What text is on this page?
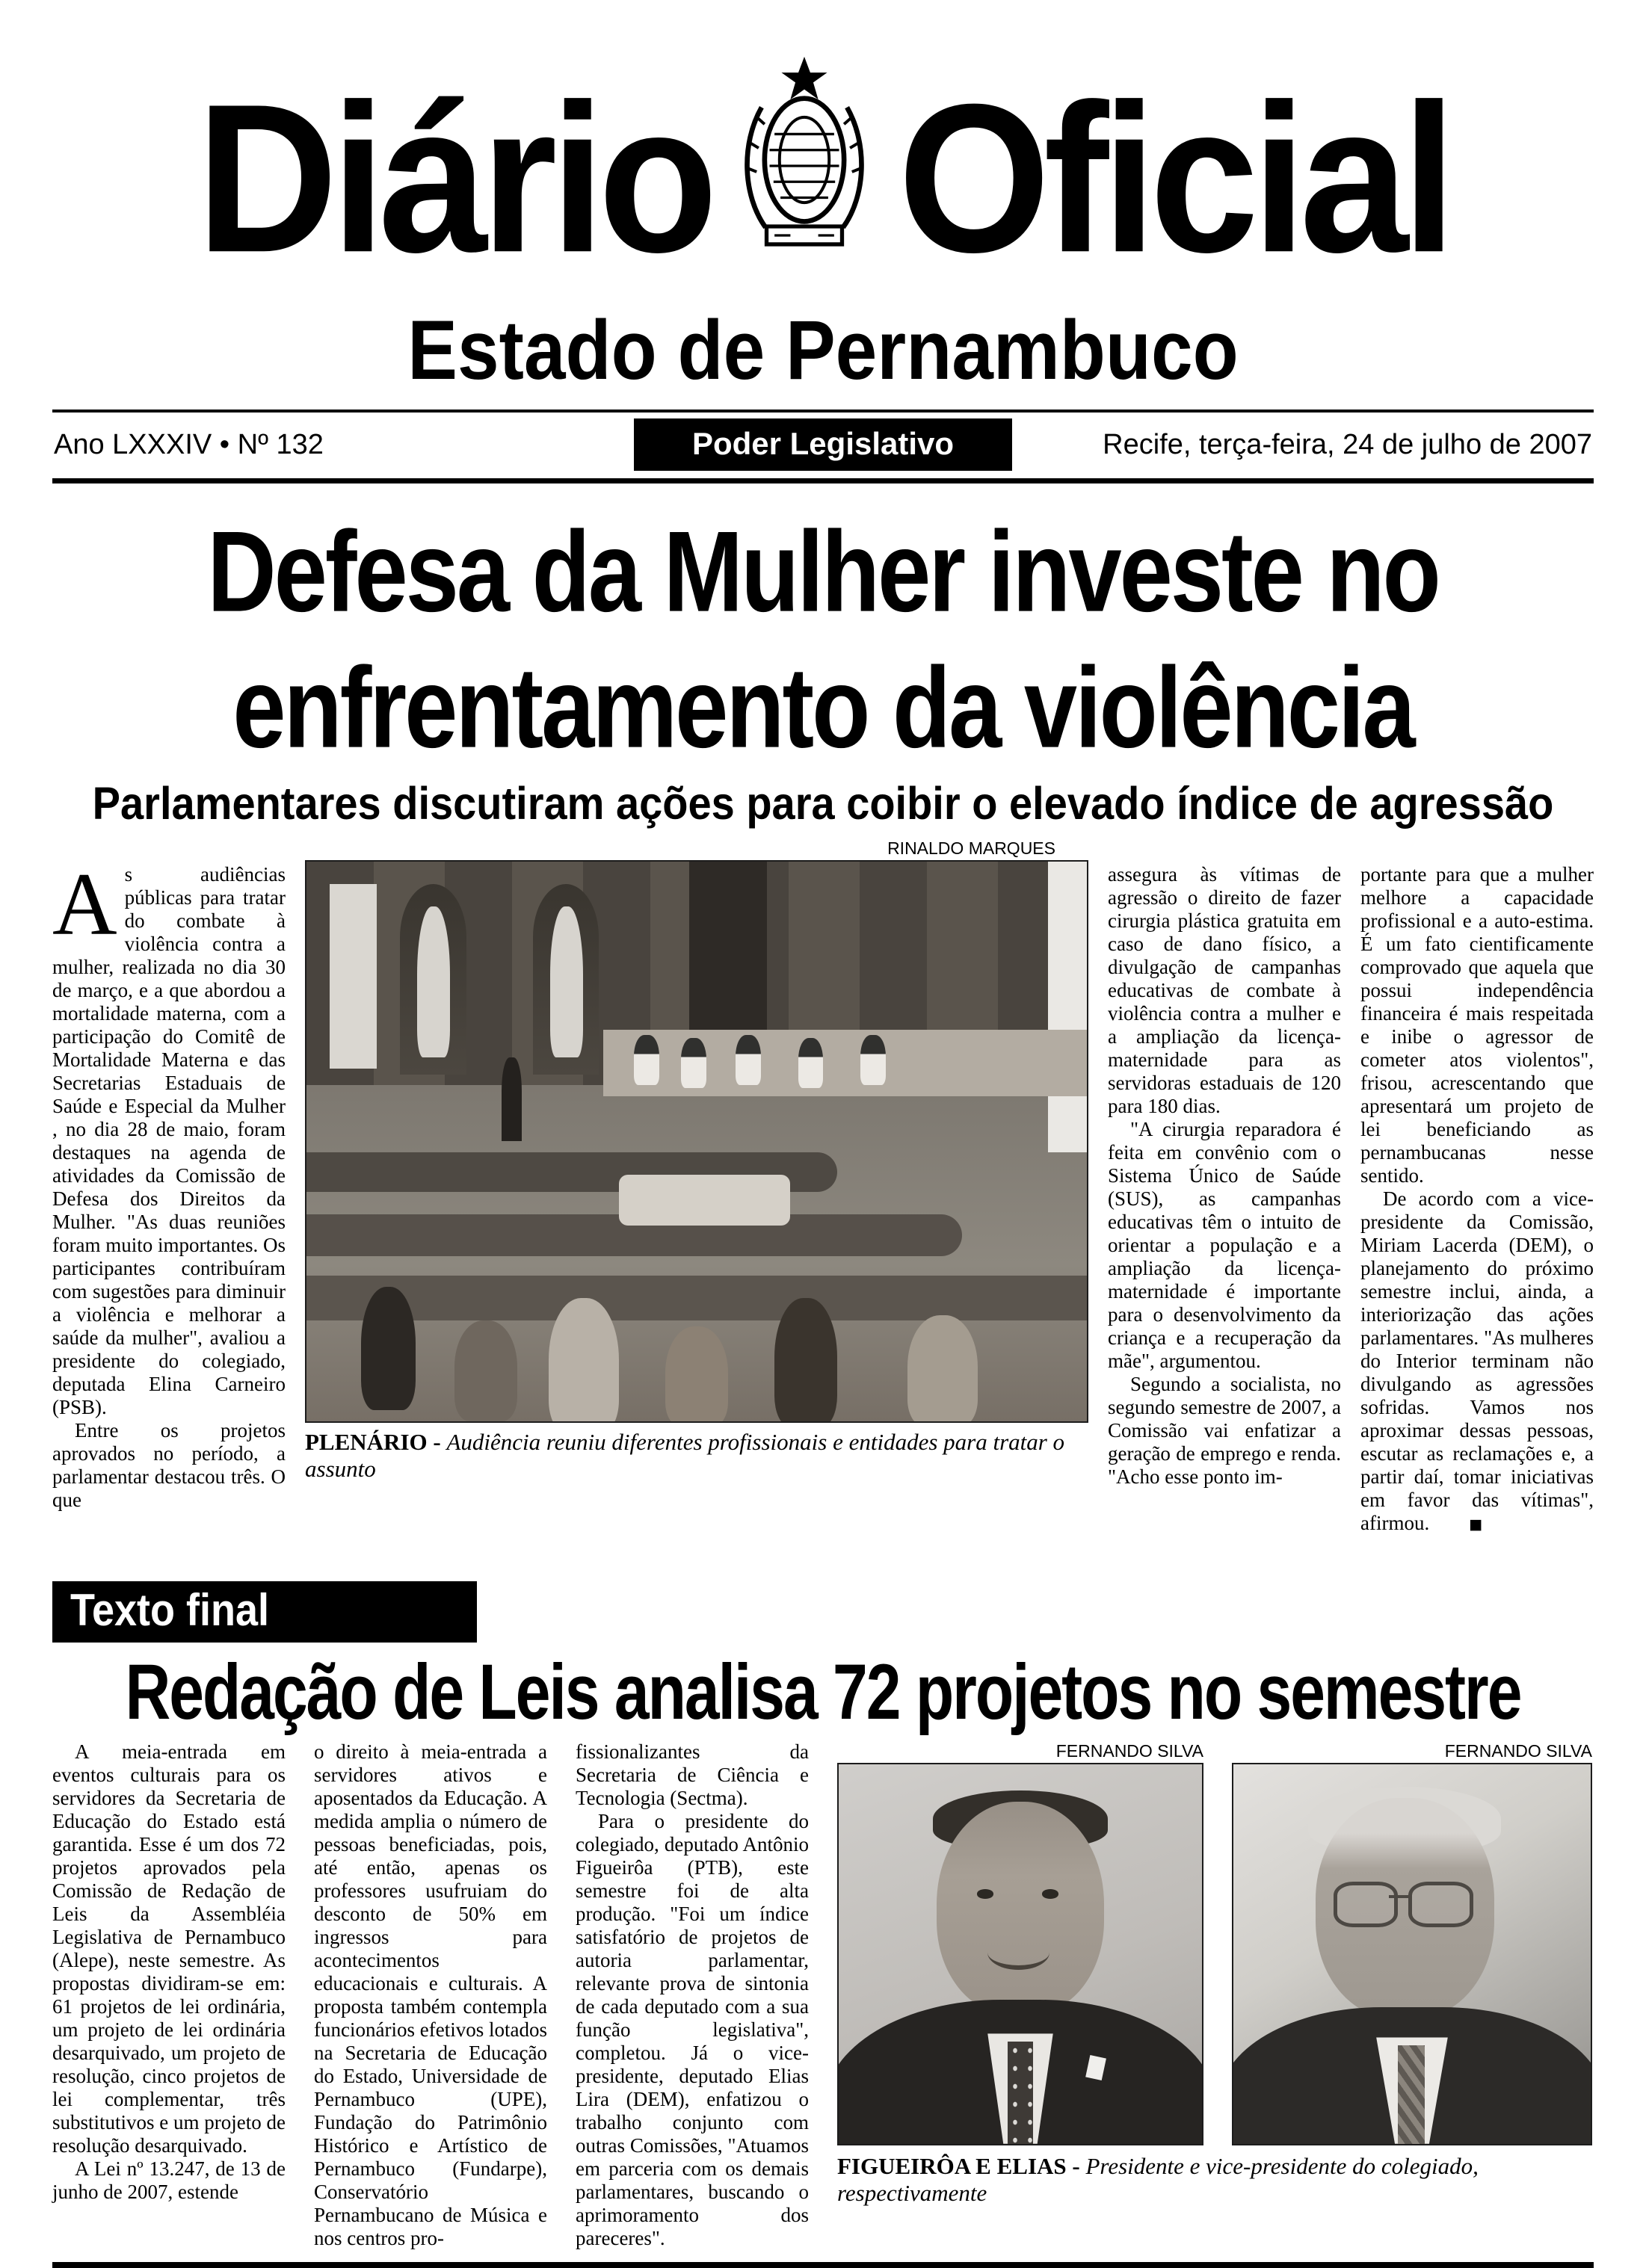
Diário Oficial
Estado de Pernambuco
Ano LXXXIV • Nº 132	Poder Legislativo	Recife, terça-feira, 24 de julho de 2007
Defesa da Mulher investe no
enfrentamento da violência
Parlamentares discutiram ações para coibir o elevado índice de agressão

As audiências públicas para tratar do combate à violência contra a mulher, realizada no dia 30 de março, e a que abordou a mortalidade materna, com a participação do Comitê de Mortalidade Materna e das Secretarias Estaduais de Saúde e Especial da Mulher , no dia 28 de maio, foram destaques na agenda de atividades da Comissão de Defesa dos Direitos da Mulher. "As duas reuniões foram muito importantes. Os participantes contribuíram com sugestões para diminuir a violência e melhorar a saúde da mulher", avaliou a presidente do colegiado, deputada Elina Carneiro (PSB).

Entre os projetos aprovados no período, a parlamentar destacou três. O que

RINALDO MARQUES
PLENÁRIO - Audiência reuniu diferentes profissionais e entidades para tratar o assunto

assegura às vítimas de agressão o direito de fazer cirurgia plástica gratuita em caso de dano físico, a divulgação de campanhas educativas de combate à violência contra a mulher e a ampliação da licença-maternidade para as servidoras estaduais de 120 para 180 dias.

"A cirurgia reparadora é feita em convênio com o Sistema Único de Saúde (SUS), as campanhas educativas têm o intuito de orientar a população e a ampliação da licença-maternidade é importante para o desenvolvimento da criança e a recuperação da mãe", argumentou.

Segundo a socialista, no segundo semestre de 2007, a Comissão vai enfatizar a geração de emprego e renda. "Acho esse ponto im-

portante para que a mulher melhore a capacidade profissional e a auto-estima. É um fato cientificamente comprovado que aquela que possui independência financeira é mais respeitada e inibe o agressor de cometer atos violentos", frisou, acrescentando que apresentará um projeto de lei beneficiando as pernambucanas nesse sentido.

De acordo com a vice-presidente da Comissão, Miriam Lacerda (DEM), o planejamento do próximo semestre inclui, ainda, a interiorização das ações parlamentares. "As mulheres do Interior terminam não divulgando as agressões sofridas. Vamos nos aproximar dessas pessoas, escutar as reclamações e, a partir daí, tomar iniciativas em favor das vítimas", afirmou.	■
Texto final
Redação de Leis analisa 72 projetos no semestre

A meia-entrada em eventos culturais para os servidores da Secretaria de Educação do Estado está garantida. Esse é um dos 72 projetos aprovados pela Comissão de Redação de Leis da Assembléia Legislativa de Pernambuco (Alepe), neste semestre. As propostas dividiram-se em: 61 projetos de lei ordinária, um projeto de lei ordinária desarquivado, um projeto de resolução, cinco projetos de lei complementar, três substitutivos e um projeto de resolução desarquivado.

A Lei nº 13.247, de 13 de junho de 2007, estende

o direito à meia-entrada a servidores ativos e aposentados da Educação. A medida amplia o número de pessoas beneficiadas, pois, até então, apenas os professores usufruiam do desconto de 50% em ingressos para acontecimentos educacionais e culturais. A proposta também contempla funcionários efetivos lotados na Secretaria de Educação do Estado, Universidade de Pernambuco (UPE), Fundação do Patrimônio Histórico e Artístico de Pernambuco (Fundarpe), Conservatório Pernambucano de Música e nos centros pro-

fissionalizantes da Secretaria de Ciência e Tecnologia (Sectma).

Para o presidente do colegiado, deputado Antônio Figueirôa (PTB), este semestre foi de alta produção. "Foi um índice satisfatório de projetos de autoria parlamentar, relevante prova de sintonia de cada deputado com a sua função legislativa", completou. Já o vice-presidente, deputado Elias Lira (DEM), enfatizou o trabalho conjunto com outras Comissões, "Atuamos em parceria com os demais parlamentares, buscando o aprimoramento dos pareceres".

FERNANDO SILVA	FERNANDO SILVA
FIGUEIRÔA E ELIAS - Presidente e vice-presidente do colegiado, respectivamente
